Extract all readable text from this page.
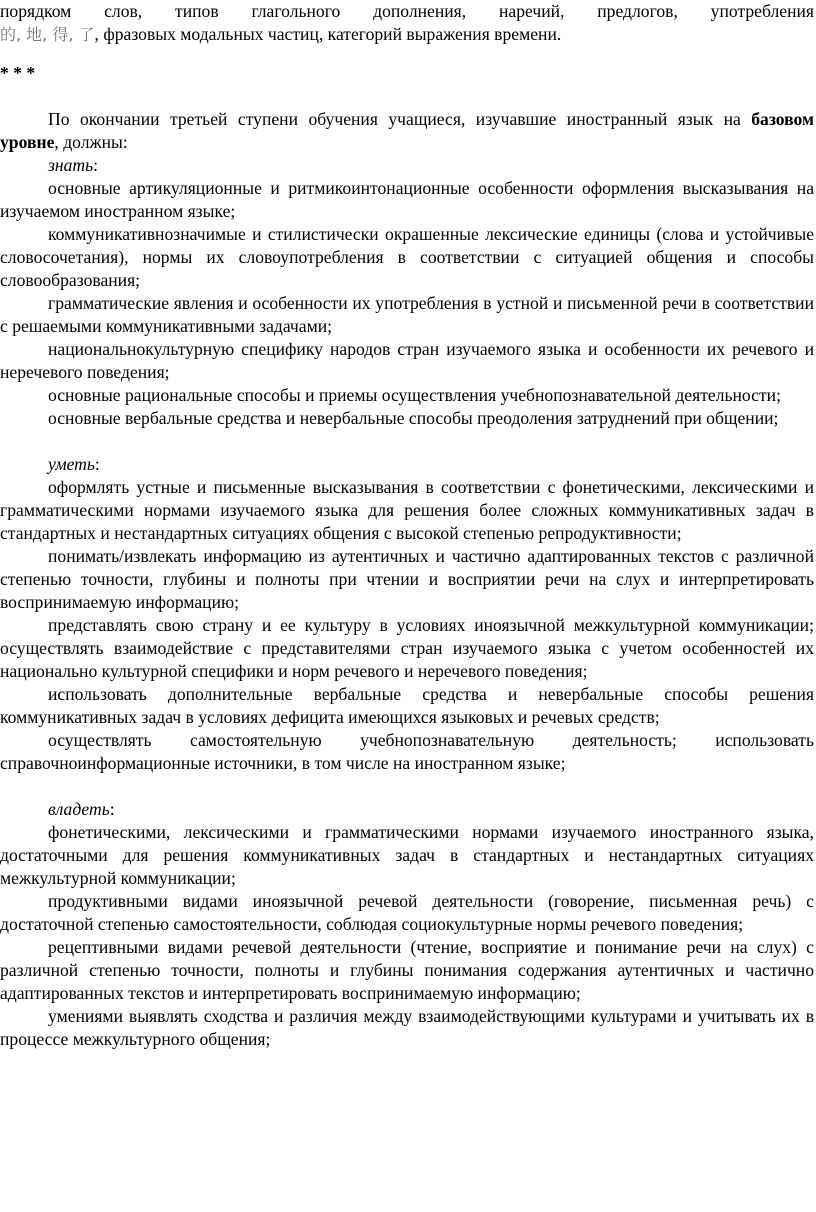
порядком слов, типов глагольного дополнения, наречий, предлогов, употребления

的, 地, 得, 了, фразовых модальных частиц, категорий выражения времени.

* * *

По окончании третьей ступени обучения учащиеся, изучавшие иностранный язык на базовом уровне, должны:

знать:

основные артикуляционные и ритмикоинтонационные особенности оформления высказывания на изучаемом иностранном языке;

коммуникативнозначимые и стилистически окрашенные лексические единицы (слова и устойчивые словосочетания), нормы их словоупотребления в соответствии с ситуацией общения и способы словообразования;

грамматические явления и особенности их употребления в устной и письменной речи в соответствии с решаемыми коммуникативными задачами;

национальнокультурную специфику народов стран изучаемого языка и особенности их речевого и неречевого поведения;

основные рациональные способы и приемы осуществления учебнопознавательной деятельности;

основные вербальные средства и невербальные способы преодоления затруднений при общении;

уметь:

оформлять устные и письменные высказывания в соответствии с фонетическими, лексическими и грамматическими нормами изучаемого языка для решения более сложных коммуникативных задач в стандартных и нестандартных ситуациях общения с высокой степенью репродуктивности;

понимать/извлекать информацию из аутентичных и частично адаптированных текстов с различной степенью точности, глубины и полноты при чтении и восприятии речи на слух и интерпретировать воспринимаемую информацию;

представлять свою страну и ее культуру в условиях иноязычной межкультурной коммуникации; осуществлять взаимодействие с представителями стран изучаемого языка с учетом особенностей их национально культурной специфики и норм речевого и неречевого поведения;

использовать дополнительные вербальные средства и невербальные способы решения коммуникативных задач в условиях дефицита имеющихся языковых и речевых средств;

осуществлять самостоятельную учебнопознавательную деятельность; использовать справочноинформационные источники, в том числе на иностранном языке;

владеть:

фонетическими, лексическими и грамматическими нормами изучаемого иностранного языка, достаточными для решения коммуникативных задач в стандартных и нестандартных ситуациях межкультурной коммуникации;

продуктивными видами иноязычной речевой деятельности (говорение, письменная речь) с достаточной степенью самостоятельности, соблюдая социокультурные нормы речевого поведения;

рецептивными видами речевой деятельности (чтение, восприятие и понимание речи на слух) с различной степенью точности, полноты и глубины понимания содержания аутентичных и частично адаптированных текстов и интерпретировать воспринимаемую информацию;

умениями выявлять сходства и различия между взаимодействующими культурами и учитывать их в процессе межкультурного общения;
